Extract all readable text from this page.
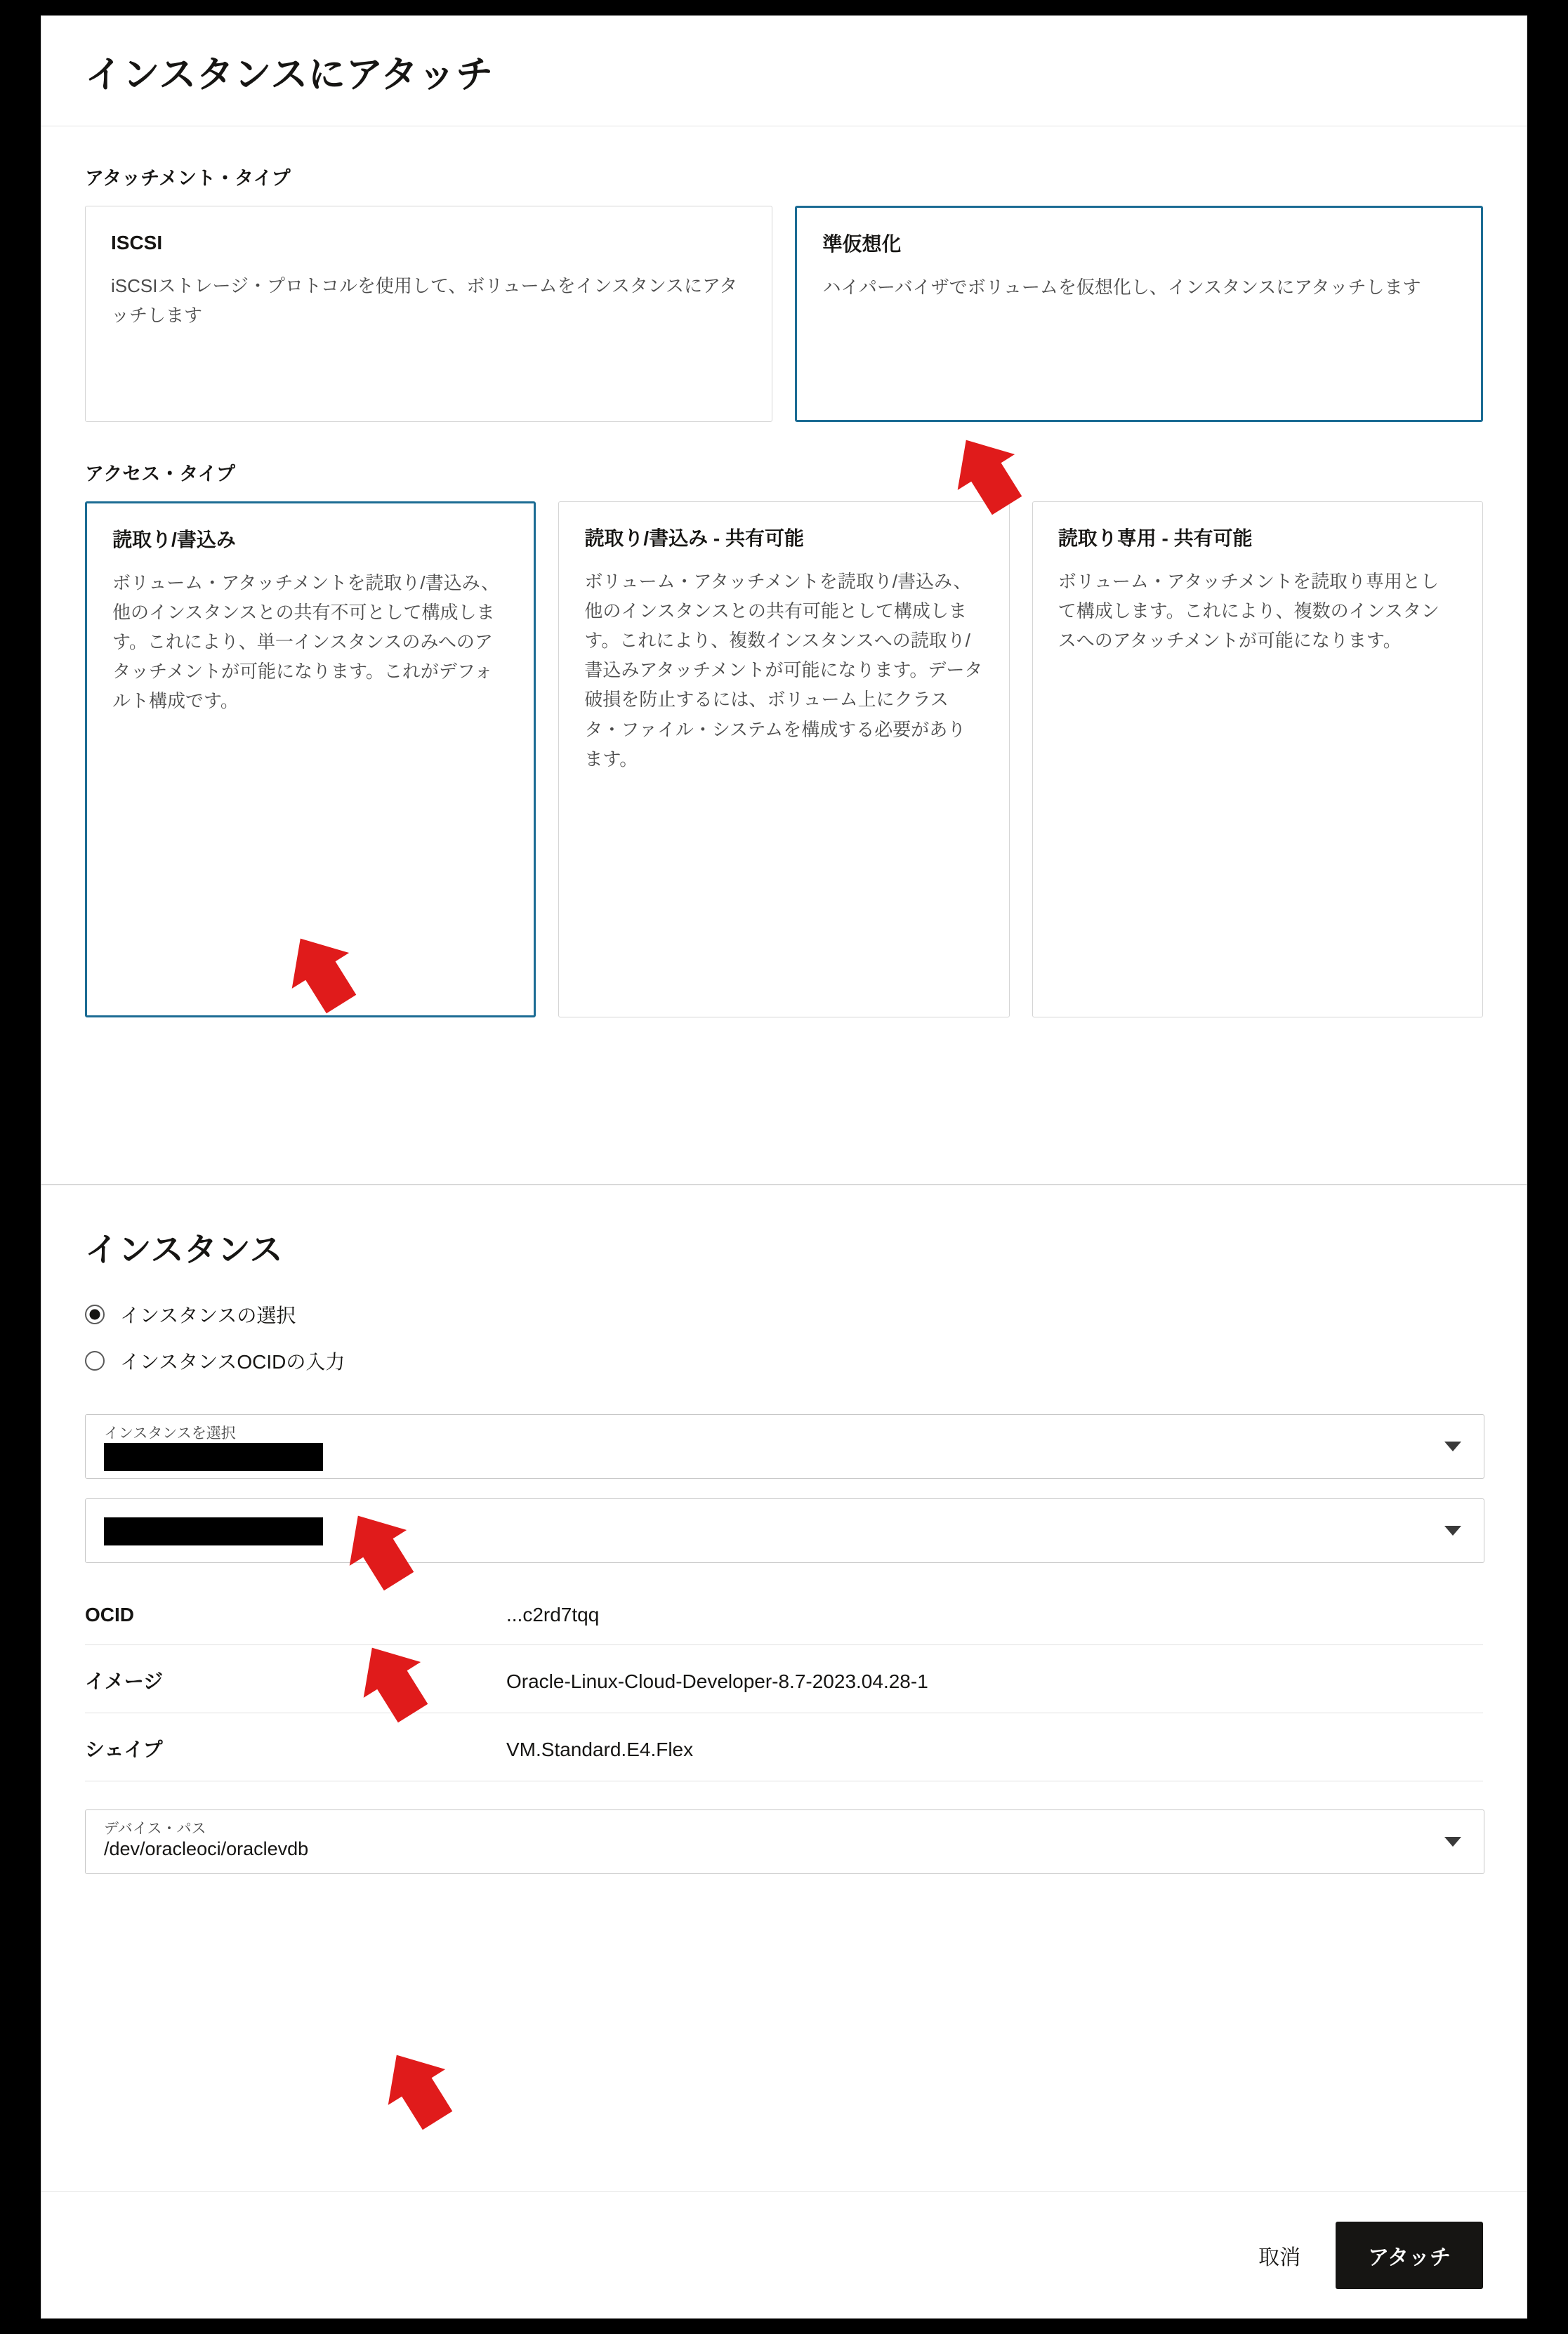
インスタンスにアタッチ
アタッチメント・タイプ
ISCSI
iSCSIストレージ・プロトコルを使用して、ボリュームをインスタンスにアタッチします
準仮想化
ハイパーバイザでボリュームを仮想化し、インスタンスにアタッチします
アクセス・タイプ
読取り/書込み
ボリューム・アタッチメントを読取り/書込み、他のインスタンスとの共有不可として構成します。これにより、単一インスタンスのみへのアタッチメントが可能になります。これがデフォルト構成です。
読取り/書込み - 共有可能
ボリューム・アタッチメントを読取り/書込み、他のインスタンスとの共有可能として構成します。これにより、複数インスタンスへの読取り/書込みアタッチメントが可能になります。データ破損を防止するには、ボリューム上にクラスタ・ファイル・システムを構成する必要があります。
読取り専用 - 共有可能
ボリューム・アタッチメントを読取り専用として構成します。これにより、複数のインスタンスへのアタッチメントが可能になります。
インスタンス
インスタンスの選択
インスタンスOCIDの入力
インスタンスを選択
OCID	...c2rd7tqq
イメージ	Oracle-Linux-Cloud-Developer-8.7-2023.04.28-1
シェイプ	VM.Standard.E4.Flex
デバイス・パス
/dev/oracleoci/oraclevdb
取消	アタッチ
